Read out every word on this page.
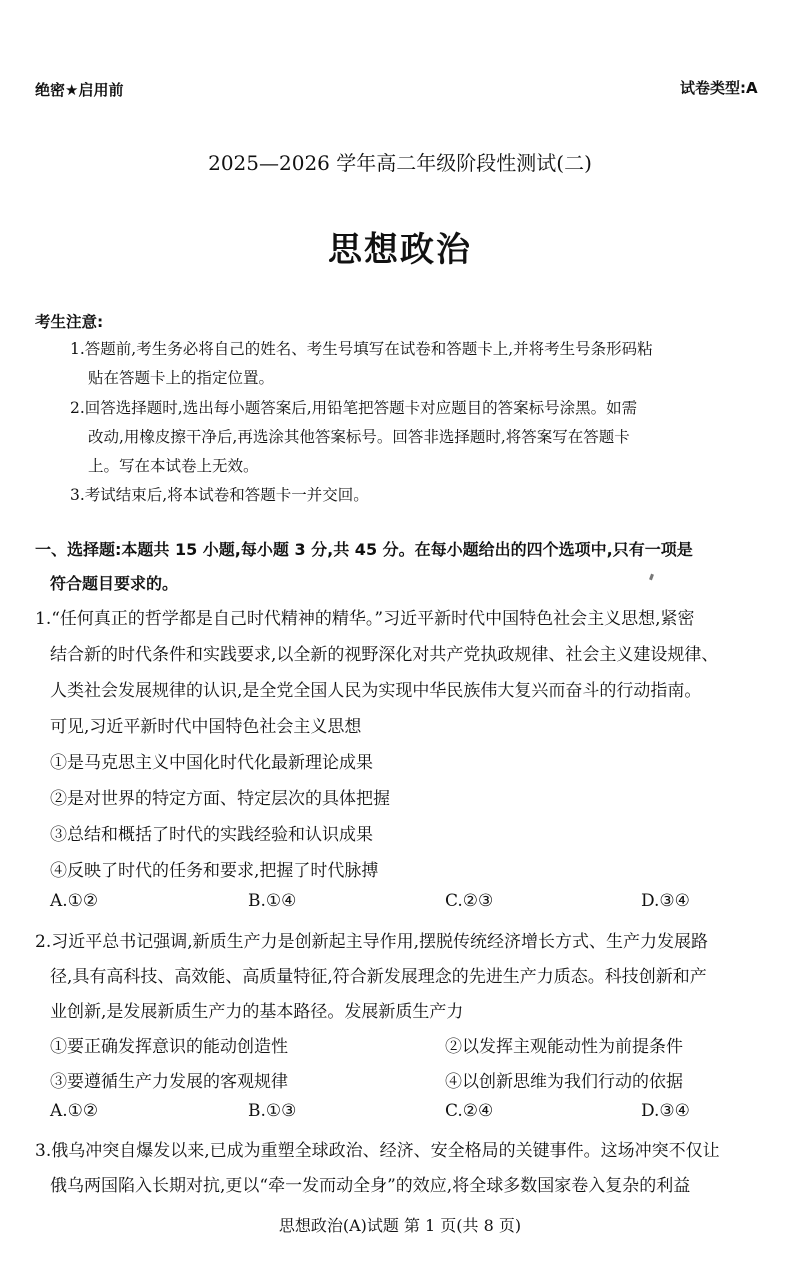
绝密★启用前	试卷类型:A
2025—2026 学年高二年级阶段性测试(二)
思想政治
考生注意:
1.答题前,考生务必将自己的姓名、考生号填写在试卷和答题卡上,并将考生号条形码粘
贴在答题卡上的指定位置。
2.回答选择题时,选出每小题答案后,用铅笔把答题卡对应题目的答案标号涂黑。如需
改动,用橡皮擦干净后,再选涂其他答案标号。回答非选择题时,将答案写在答题卡
上。写在本试卷上无效。
3.考试结束后,将本试卷和答题卡一并交回。
一、选择题:本题共 15 小题,每小题 3 分,共 45 分。在每小题给出的四个选项中,只有一项是
符合题目要求的。
1.“任何真正的哲学都是自己时代精神的精华。”习近平新时代中国特色社会主义思想,紧密
结合新的时代条件和实践要求,以全新的视野深化对共产党执政规律、社会主义建设规律、
人类社会发展规律的认识,是全党全国人民为实现中华民族伟大复兴而奋斗的行动指南。
可见,习近平新时代中国特色社会主义思想
①是马克思主义中国化时代化最新理论成果
②是对世界的特定方面、特定层次的具体把握
③总结和概括了时代的实践经验和认识成果
④反映了时代的任务和要求,把握了时代脉搏
A.①②	B.①④	C.②③	D.③④
2.习近平总书记强调,新质生产力是创新起主导作用,摆脱传统经济增长方式、生产力发展路
径,具有高科技、高效能、高质量特征,符合新发展理念的先进生产力质态。科技创新和产
业创新,是发展新质生产力的基本路径。发展新质生产力
①要正确发挥意识的能动创造性	②以发挥主观能动性为前提条件
③要遵循生产力发展的客观规律	④以创新思维为我们行动的依据
A.①②	B.①③	C.②④	D.③④
3.俄乌冲突自爆发以来,已成为重塑全球政治、经济、安全格局的关键事件。这场冲突不仅让
俄乌两国陷入长期对抗,更以“牵一发而动全身”的效应,将全球多数国家卷入复杂的利益
思想政治(A)试题 第 1 页(共 8 页)
